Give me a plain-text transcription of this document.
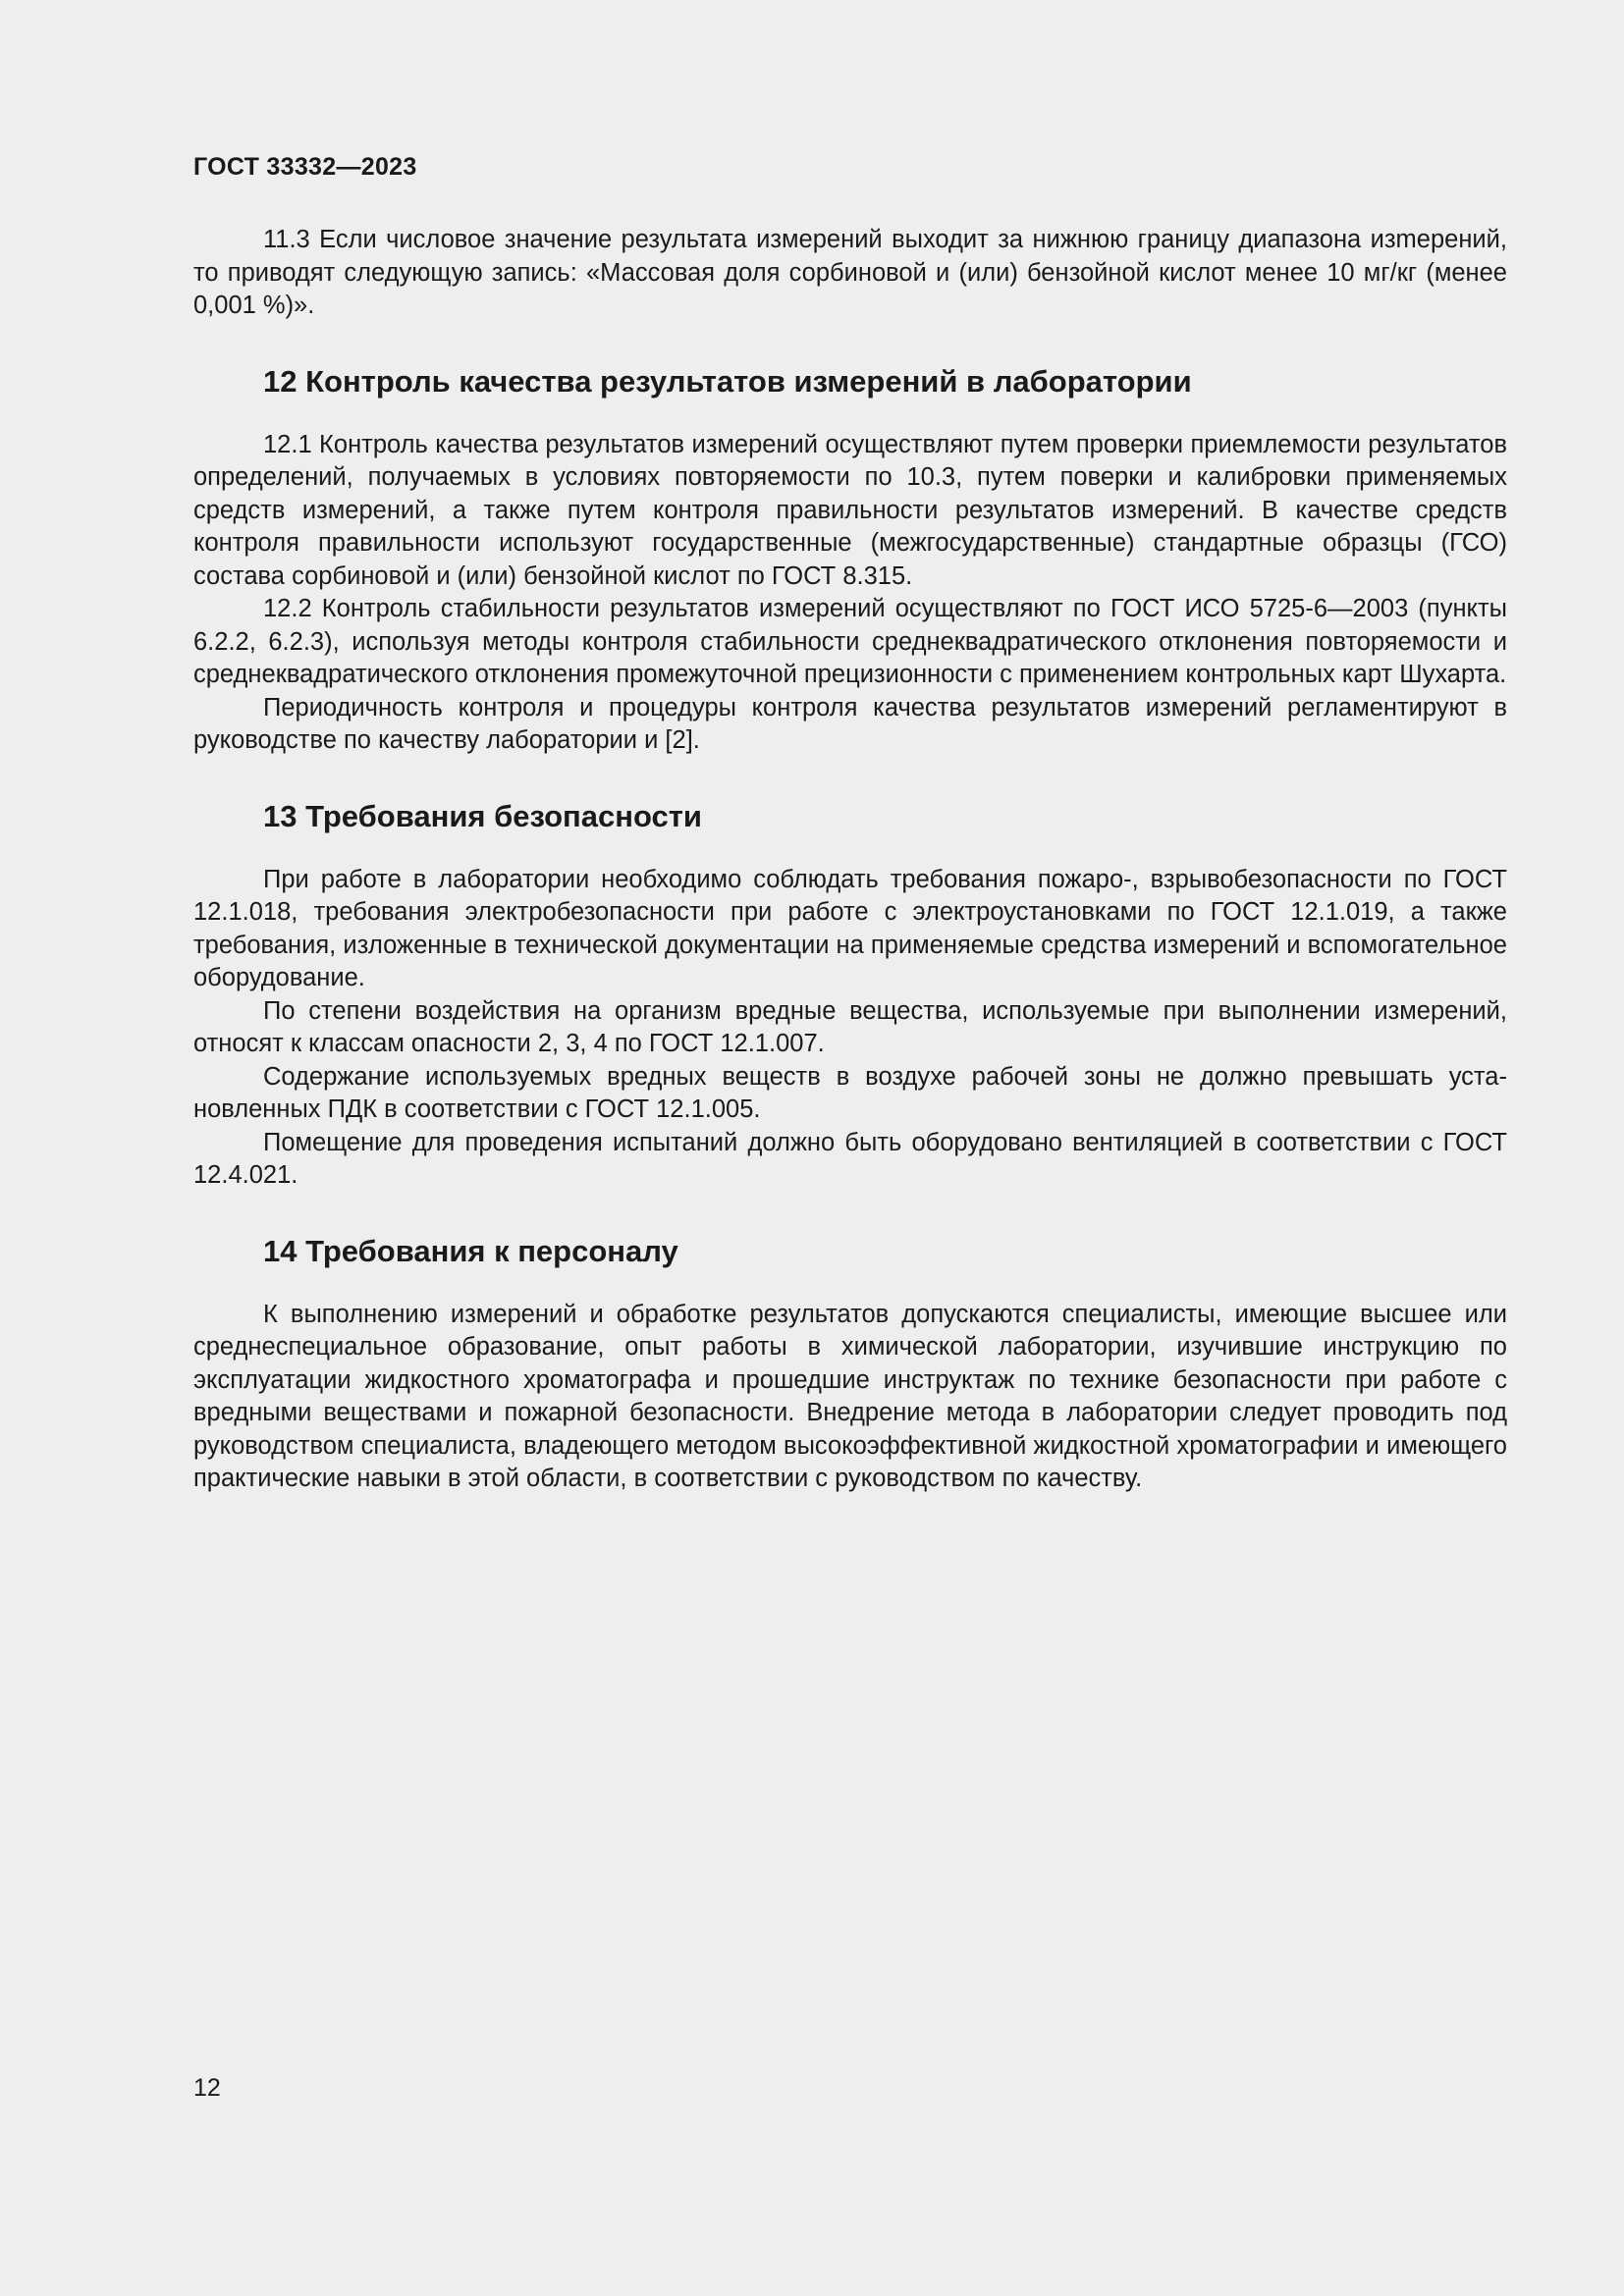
ГОСТ 33332—2023

11.3 Если числовое значение результата измерений выходит за нижнюю границу диапазона изmерений, то приводят следующую запись: «Массовая доля сорбиновой и (или) бензойной кислот менее 10 мг/кг (менее 0,001 %)».

12 Контроль качества результатов измерений в лаборатории

12.1 Контроль качества результатов измерений осуществляют путем проверки приемлемости результатов определений, получаемых в условиях повторяемости по 10.3, путем поверки и калибровки применяемых средств измерений, а также путем контроля правильности результатов измерений. В качестве средств контроля правильности используют государственные (межгосударственные) стандартные образцы (ГСО) состава сорбиновой и (или) бензойной кислот по ГОСТ 8.315.

12.2 Контроль стабильности результатов измерений осуществляют по ГОСТ ИСО 5725-6—2003 (пункты 6.2.2, 6.2.3), используя методы контроля стабильности среднеквадратического отклонения повторяемости и среднеквадратического отклонения промежуточной прецизионности с применением контрольных карт Шухарта.

Периодичность контроля и процедуры контроля качества результатов измерений регламентируют в руководстве по качеству лаборатории и [2].

13 Требования безопасности

При работе в лаборатории необходимо соблюдать требования пожаро-, взрывобезопасности по ГОСТ 12.1.018, требования электробезопасности при работе с электроустановками по ГОСТ 12.1.019, а также требования, изложенные в технической документации на применяемые средства измерений и вспомогательное оборудование.

По степени воздействия на организм вредные вещества, используемые при выполнении измерений, относят к классам опасности 2, 3, 4 по ГОСТ 12.1.007.

Содержание используемых вредных веществ в воздухе рабочей зоны не должно превышать установленных ПДК в соответствии с ГОСТ 12.1.005.

Помещение для проведения испытаний должно быть оборудовано вентиляцией в соответствии с ГОСТ 12.4.021.

14 Требования к персоналу

К выполнению измерений и обработке результатов допускаются специалисты, имеющие высшее или среднеспециальное образование, опыт работы в химической лаборатории, изучившие инструкцию по эксплуатации жидкостного хроматографа и прошедшие инструктаж по технике безопасности при работе с вредными веществами и пожарной безопасности. Внедрение метода в лаборатории следует проводить под руководством специалиста, владеющего методом высокоэффективной жидкостной хроматографии и имеющего практические навыки в этой области, в соответствии с руководством по качеству.

12
